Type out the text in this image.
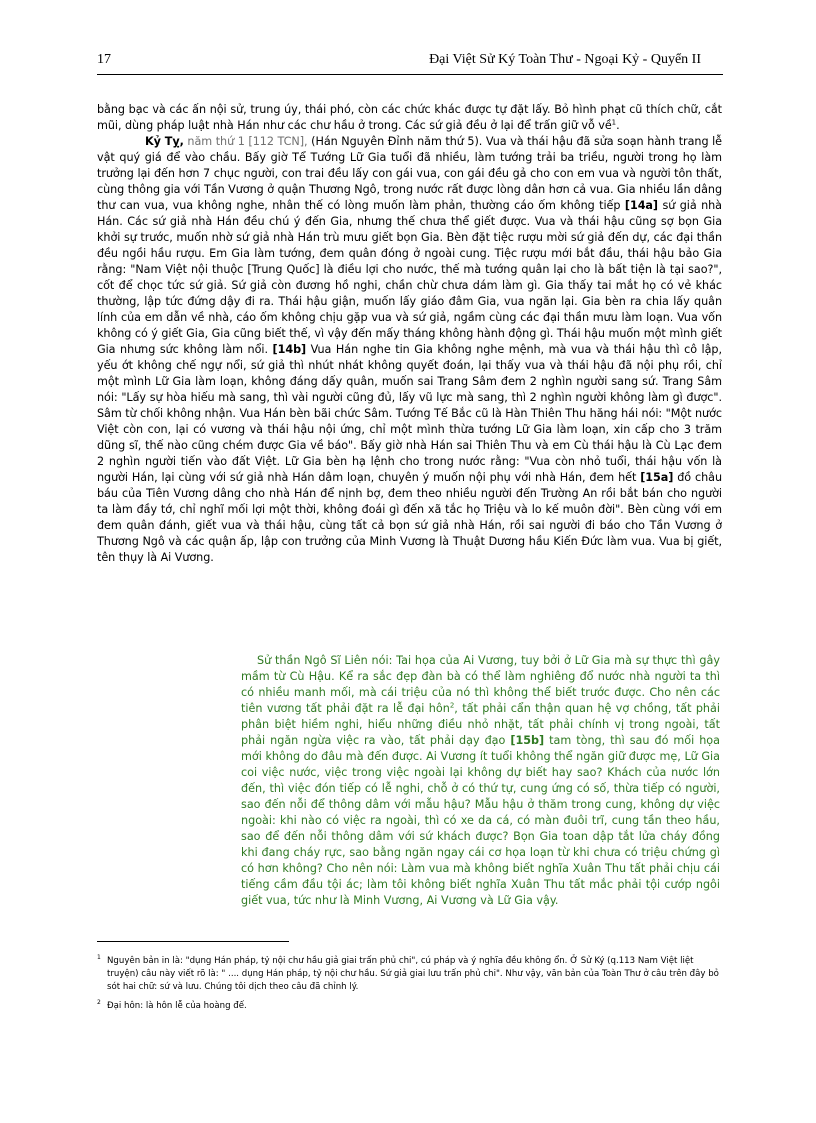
17	Đại Việt Sử Ký Toàn Thư - Ngoại Kỷ - Quyển II

bằng bạc và các ấn nội sử, trung úy, thái phó, còn các chức khác được tự đặt lấy. Bỏ hình phạt cũ thích chữ, cắt mũi, dùng pháp luật nhà Hán như các chư hầu ở trong. Các sứ giả đều ở lại để trấn giữ vỗ về$^1$.

Kỷ Tỵ, năm thứ 1 [112 TCN], (Hán Nguyên Đỉnh năm thứ 5). Vua và thái hậu đã sửa soạn hành trang lễ vật quý giá để vào chầu. Bấy giờ Tể Tướng Lữ Gia tuổi đã nhiều, làm tướng trải ba triều, người trong họ làm trưởng lại đến hơn 7 chục người, con trai đều lấy con gái vua, con gái đều gả cho con em vua và người tôn thất, cùng thông gia với Tần Vương ở quận Thương Ngô, trong nước rất được lòng dân hơn cả vua. Gia nhiều lần dâng thư can vua, vua không nghe, nhân thế có lòng muốn làm phản, thường cáo ốm không tiếp [14a] sứ giả nhà Hán. Các sứ giả nhà Hán đều chú ý đến Gia, nhưng thế chưa thể giết được. Vua và thái hậu cũng sợ bọn Gia khởi sự trước, muốn nhờ sứ giả nhà Hán trù mưu giết bọn Gia. Bèn đặt tiệc rượu mời sứ giả đến dự, các đại thần đều ngồi hầu rượu. Em Gia làm tướng, đem quân đóng ở ngoài cung. Tiệc rượu mới bắt đầu, thái hậu bảo Gia rằng: "Nam Việt nội thuộc [Trung Quốc] là điều lợi cho nước, thế mà tướng quân lại cho là bất tiện là tại sao?", cốt để chọc tức sứ giả. Sứ giả còn đương hồ nghi, chần chừ chưa dám làm gì. Gia thấy tai mắt họ có vẻ khác thường, lập tức đứng dậy đi ra. Thái hậu giận, muốn lấy giáo đâm Gia, vua ngăn lại. Gia bèn ra chia lấy quân lính của em dẫn về nhà, cáo ốm không chịu gặp vua và sứ giả, ngầm cùng các đại thần mưu làm loạn. Vua vốn không có ý giết Gia, Gia cũng biết thế, vì vậy đến mấy tháng không hành động gì. Thái hậu muốn một mình giết Gia nhưng sức không làm nổi. [14b] Vua Hán nghe tin Gia không nghe mệnh, mà vua và thái hậu thì cô lập, yếu ớt không chế ngự nổi, sứ giả thì nhút nhát không quyết đoán, lại thấy vua và thái hậu đã nội phụ rồi, chỉ một mình Lữ Gia làm loạn, không đáng dấy quân, muốn sai Trang Sâm đem 2 nghìn người sang sứ. Trang Sâm nói: "Lấy sự hòa hiếu mà sang, thì vài người cũng đủ, lấy vũ lực mà sang, thì 2 nghìn người không làm gì được". Sâm từ chối không nhận. Vua Hán bèn bãi chức Sâm. Tướng Tế Bắc cũ là Hàn Thiên Thu hăng hái nói: "Một nước Việt còn con, lại có vương và thái hậu nội ứng, chỉ một mình thừa tướng Lữ Gia làm loạn, xin cấp cho 3 trăm dũng sĩ, thế nào cũng chém được Gia về báo". Bấy giờ nhà Hán sai Thiên Thu và em Cù thái hậu là Cù Lạc đem 2 nghìn người tiến vào đất Việt. Lữ Gia bèn hạ lệnh cho trong nước rằng: "Vua còn nhỏ tuổi, thái hậu vốn là người Hán, lại cùng với sứ giả nhà Hán dâm loạn, chuyên ý muốn nội phụ với nhà Hán, đem hết [15a] đồ châu báu của Tiên Vương dâng cho nhà Hán để nịnh bợ, đem theo nhiều người đến Trường An rồi bắt bán cho người ta làm đầy tớ, chỉ nghĩ mối lợi một thời, không đoái gì đến xã tắc họ Triệu và lo kế muôn đời". Bèn cùng với em đem quân đánh, giết vua và thái hậu, cùng tất cả bọn sứ giả nhà Hán, rồi sai người đi báo cho Tần Vương ở Thương Ngô và các quận ấp, lập con trưởng của Minh Vương là Thuật Dương hầu Kiến Đức làm vua. Vua bị giết, tên thụy là Ai Vương.

Sử thần Ngô Sĩ Liên nói: Tai họa của Ai Vương, tuy bởi ở Lữ Gia mà sự thực thì gây mầm từ Cù Hậu. Kể ra sắc đẹp đàn bà có thể làm nghiêng đổ nước nhà người ta thì có nhiều manh mối, mà cái triệu của nó thì không thể biết trước được. Cho nên các tiên vương tất phải đặt ra lễ đại hôn$^2$, tất phải cẩn thận quan hệ vợ chồng, tất phải phân biệt hiềm nghi, hiểu những điều nhỏ nhặt, tất phải chính vị trong ngoài, tất phải ngăn ngừa việc ra vào, tất phải dạy đạo [15b] tam tòng, thì sau đó mối họa mới không do đâu mà đến được. Ai Vương ít tuổi không thể ngăn giữ được mẹ, Lữ Gia coi việc nước, việc trong việc ngoài lại không dự biết hay sao? Khách của nước lớn đến, thì việc đón tiếp có lễ nghi, chỗ ở có thứ tự, cung ứng có số, thừa tiếp có người, sao đến nỗi để thông dâm với mẫu hậu? Mẫu hậu ở thăm trong cung, không dự việc ngoài: khi nào có việc ra ngoài, thì có xe da cá, có màn đuôi trĩ, cung tần theo hầu, sao để đến nỗi thông dâm với sứ khách được? Bọn Gia toan dập tắt lửa cháy đồng khi đang cháy rực, sao bằng ngăn ngay cái cơ họa loạn từ khi chưa có triệu chứng gì có hơn không? Cho nên nói: Làm vua mà không biết nghĩa Xuân Thu tất phải chịu cái tiếng cầm đầu tội ác; làm tôi không biết nghĩa Xuân Thu tất mắc phải tội cướp ngôi giết vua, tức như là Minh Vương, Ai Vương và Lữ Gia vậy.

1 Nguyên bản in là: "dụng Hán pháp, tỷ nội chư hầu giả giai trấn phủ chi", cú pháp và ý nghĩa đều không ổn. Ở Sử Ký (q.113 Nam Việt liệt truyện) câu này viết rõ là: " .... dụng Hán pháp, tỷ nội chư hầu. Sứ giả giai lưu trấn phủ chi". Như vậy, văn bản của Toàn Thư ở câu trên đây bỏ sót hai chữ: sứ và lưu. Chúng tôi dịch theo câu đã chỉnh lý.

2 Đại hôn: là hôn lễ của hoàng đế.
